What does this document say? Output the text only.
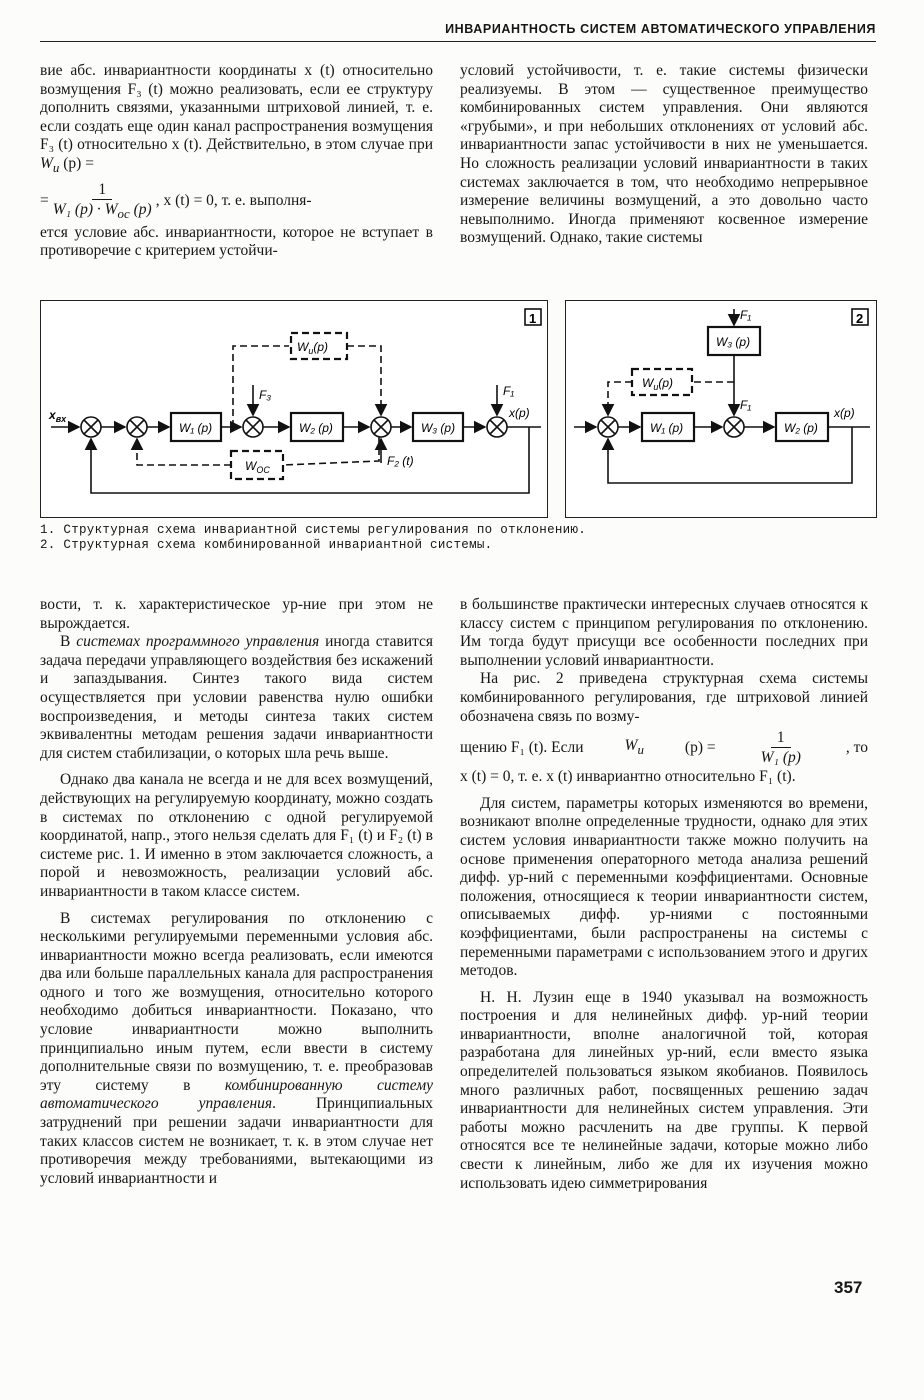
ИНВАРИАНТНОСТЬ СИСТЕМ АВТОМАТИЧЕСКОГО УПРАВЛЕНИЯ

вие абс. инвариантности координаты x (t) относительно возмущения F₃ (t) можно реализовать, если ее структуру дополнить связями, указанными штриховой линией, т. е. если создать еще один канал распространения возмущения F₃ (t) относительно x (t). Действительно, в этом случае при $W_и$ (p) =

= $\frac{1}{W_1 (p) \cdot W_{oc} (p)}$ , x (t) = 0, т. е. выполня-

ется условие абс. инвариантности, которое не вступает в противоречие с критерием устойчи-

условий устойчивости, т. е. такие системы физически реализуемы. В этом — существенное преимущество комбинированных систем управления. Они являются «грубыми», и при небольших отклонениях от условий абс. инвариантности запас устойчивости в них не уменьшается. Но сложность реализации условий инвариантности в таких системах заключается в том, что необходимо непрерывное измерение величины возмущений, а это довольно часто невыполнимо. Иногда применяют косвенное измерение возмущений. Однако, такие системы

1
$x_{вх}$
W₁ (p)	W₂ (p)	W₃ (p)
$W_и(p)$
$W_{OC}$
F₁
F₃
F₂ (t)
x(p)
2
W₁ (p)	W₂ (p)
W₃ (p)
$W_и(p)$
F₁
F₁
x(p)
1. Структурная схема инвариантной системы регулирования по отклонению.
2. Структурная схема комбинированной инвариантной системы.

вости, т. к. характеристическое ур-ние при этом не вырождается.

В системах программного управления иногда ставится задача передачи управляющего воздействия без искажений и запаздывания. Синтез такого вида систем осуществляется при условии равенства нулю ошибки воспроизведения, и методы синтеза таких систем эквивалентны методам решения задачи инвариантности для систем стабилизации, о которых шла речь выше.

Однако два канала не всегда и не для всех возмущений, действующих на регулируемую координату, можно создать в системах по отклонению с одной регулируемой координатой, напр., этого нельзя сделать для F₁ (t) и F₂ (t) в системе рис. 1. И именно в этом заключается сложность, а порой и невозможность, реализации условий абс. инвариантности в таком классе систем.

В системах регулирования по отклонению с несколькими регулируемыми переменными условия абс. инвариантности можно всегда реализовать, если имеются два или больше параллельных канала для распространения одного и того же возмущения, относительно которого необходимо добиться инвариантности. Показано, что условие инвариантности можно выполнить принципиально иным путем, если ввести в систему дополнительные связи по возмущению, т. е. преобразовав эту систему в комбинированную систему автоматического управления. Принципиальных затруднений при решении задачи инвариантности для таких классов систем не возникает, т. к. в этом случае нет противоречия между требованиями, вытекающими из условий инвариантности и

в большинстве практически интересных случаев относятся к классу систем с принципом регулирования по отклонению. Им тогда будут присущи все особенности последних при выполнении условий инвариантности.

На рис. 2 приведена структурная схема системы комбинированного регулирования, где штриховой линией обозначена связь по возму-

щению F₁ (t). Если	$W_и$	(p) =	$\frac{1}{\text{W₁ (p)}}$	, то

x (t) = 0, т. е. x (t) инвариантно относительно F₁ (t).

Для систем, параметры которых изменяются во времени, возникают вполне определенные трудности, однако для этих систем условия инвариантности также можно получить на основе применения операторного метода анализа решений дифф. ур-ний с переменными коэффициентами. Основные положения, относящиеся к теории инвариантности систем, описываемых дифф. ур-ниями с постоянными коэффициентами, были распространены на системы с переменными параметрами с использованием этого и других методов.

Н. Н. Лузин еще в 1940 указывал на возможность построения и для нелинейных дифф. ур-ний теории инвариантности, вполне аналогичной той, которая разработана для линейных ур-ний, если вместо языка определителей пользоваться языком якобианов. Появилось много различных работ, посвященных решению задач инвариантности для нелинейных систем управления. Эти работы можно расчленить на две группы. К первой относятся все те нелинейные задачи, которые можно либо свести к линейным, либо же для их изучения можно использовать идею симметрирования

357
